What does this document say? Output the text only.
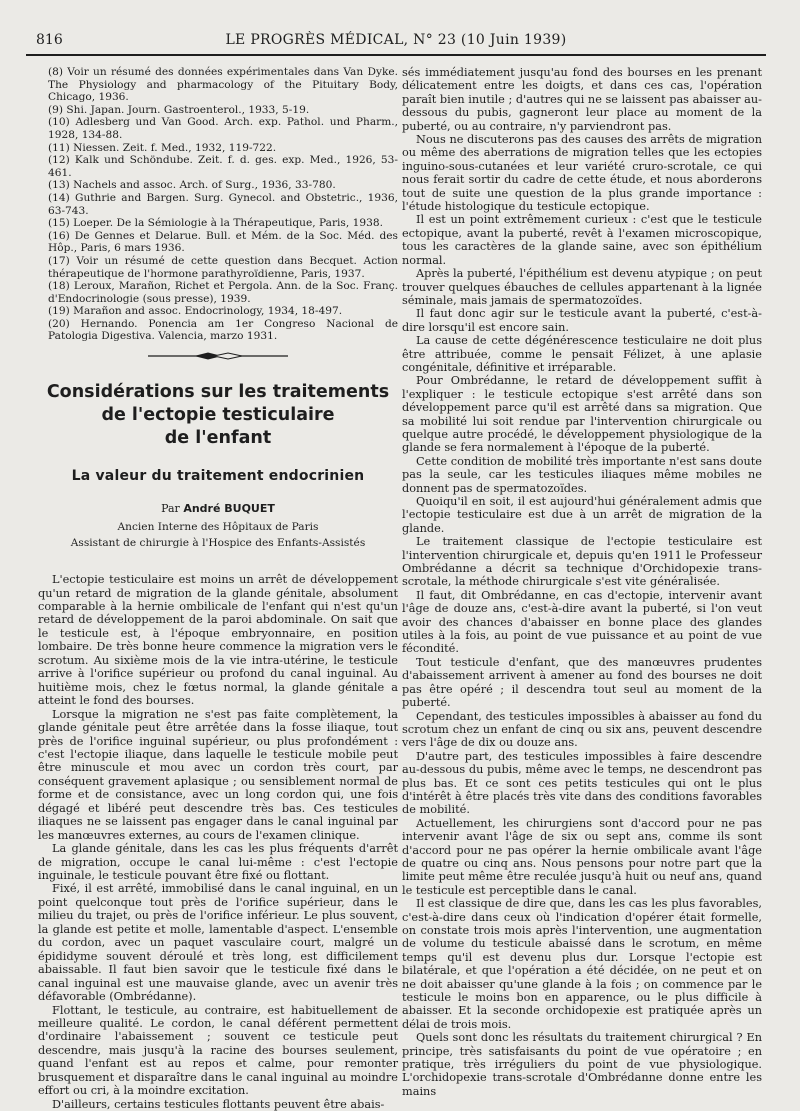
816	LE PROGRÈS MÉDICAL, N° 23 (10 Juin 1939)

(8) Voir un résumé des données expérimentales dans Van Dyke. The Physiology and pharmacology of the Pituitary Body, Chicago, 1936.

(9) Shi. Japan. Journ. Gastroenterol., 1933, 5-19.

(10) Adlesberg und Van Good. Arch. exp. Pathol. und Pharm., 1928, 134-88.

(11) Niessen. Zeit. f. Med., 1932, 119-722.

(12) Kalk und Schöndube. Zeit. f. d. ges. exp. Med., 1926, 53-461.

(13) Nachels and assoc. Arch. of Surg., 1936, 33-780.

(14) Guthrie and Bargen. Surg. Gynecol. and Obstetric., 1936, 63-743.

(15) Loeper. De la Sémiologie à la Thérapeutique, Paris, 1938.

(16) De Gennes et Delarue. Bull. et Mém. de la Soc. Méd. des Hôp., Paris, 6 mars 1936.

(17) Voir un résumé de cette question dans Becquet. Action thérapeutique de l'hormone parathyroïdienne, Paris, 1937.

(18) Leroux, Marañon, Richet et Pergola. Ann. de la Soc. Franç. d'Endocrinologie (sous presse), 1939.

(19) Marañon and assoc. Endocrinology, 1934, 18-497.

(20) Hernando. Ponencia am 1er Congreso Nacional de Patologia Digestiva. Valencia, marzo 1931.

Considérations sur les traitements
de l'ectopie testiculaire
de l'enfant
La valeur du traitement endocrinien
Par André BUQUET
Ancien Interne des Hôpitaux de Paris
Assistant de chirurgie à l'Hospice des Enfants-Assistés

L'ectopie testiculaire est moins un arrêt de développement qu'un retard de migration de la glande génitale, absolument comparable à la hernie ombilicale de l'enfant qui n'est qu'un retard de développement de la paroi abdominale. On sait que le testicule est, à l'époque embryonnaire, en position lombaire. De très bonne heure commence la migration vers le scrotum. Au sixième mois de la vie intra-utérine, le testicule arrive à l'orifice supérieur ou profond du canal inguinal. Au huitième mois, chez le fœtus normal, la glande génitale a atteint le fond des bourses.

Lorsque la migration ne s'est pas faite complètement, la glande génitale peut être arrêtée dans la fosse iliaque, tout près de l'orifice inguinal supérieur, ou plus profondément : c'est l'ectopie iliaque, dans laquelle le testicule mobile peut être minuscule et mou avec un cordon très court, par conséquent gravement aplasique ; ou sensiblement normal de forme et de consistance, avec un long cordon qui, une fois dégagé et libéré peut descendre très bas. Ces testicules iliaques ne se laissent pas engager dans le canal inguinal par les manœuvres externes, au cours de l'examen clinique.

La glande génitale, dans les cas les plus fréquents d'arrêt de migration, occupe le canal lui-même : c'est l'ectopie inguinale, le testicule pouvant être fixé ou flottant.

Fixé, il est arrêté, immobilisé dans le canal inguinal, en un point quelconque tout près de l'orifice supérieur, dans le milieu du trajet, ou près de l'orifice inférieur. Le plus souvent, la glande est petite et molle, lamentable d'aspect. L'ensemble du cordon, avec un paquet vasculaire court, malgré un épididyme souvent déroulé et très long, est difficilement abaissable. Il faut bien savoir que le testicule fixé dans le canal inguinal est une mauvaise glande, avec un avenir très défavorable (Ombrédanne).

Flottant, le testicule, au contraire, est habituellement de meilleure qualité. Le cordon, le canal déférent permettent d'ordinaire l'abaissement ; souvent ce testicule peut descendre, mais jusqu'à la racine des bourses seulement, quand l'enfant est au repos et calme, pour remonter brusquement et disparaître dans le canal inguinal au moindre effort ou cri, à la moindre excitation.

D'ailleurs, certains testicules flottants peuvent être abais-

sés immédiatement jusqu'au fond des bourses en les prenant délicatement entre les doigts, et dans ces cas, l'opération paraît bien inutile ; d'autres qui ne se laissent pas abaisser au-dessous du pubis, gagneront leur place au moment de la puberté, ou au contraire, n'y parviendront pas.

Nous ne discuterons pas des causes des arrêts de migration ou même des aberrations de migration telles que les ectopies inguino-sous-cutanées et leur variété cruro-scrotale, ce qui nous ferait sortir du cadre de cette étude, et nous aborderons tout de suite une question de la plus grande importance : l'étude histologique du testicule ectopique.

Il est un point extrêmement curieux : c'est que le testicule ectopique, avant la puberté, revêt à l'examen microscopique, tous les caractères de la glande saine, avec son épithélium normal.

Après la puberté, l'épithélium est devenu atypique ; on peut trouver quelques ébauches de cellules appartenant à la lignée séminale, mais jamais de spermatozoïdes.

Il faut donc agir sur le testicule avant la puberté, c'est-à-dire lorsqu'il est encore sain.

La cause de cette dégénérescence testiculaire ne doit plus être attribuée, comme le pensait Félizet, à une aplasie congénitale, définitive et irréparable.

Pour Ombrédanne, le retard de développement suffit à l'expliquer : le testicule ectopique s'est arrêté dans son développement parce qu'il est arrêté dans sa migration. Que sa mobilité lui soit rendue par l'intervention chirurgicale ou quelque autre procédé, le développement physiologique de la glande se fera normalement à l'époque de la puberté.

Cette condition de mobilité très importante n'est sans doute pas la seule, car les testicules iliaques même mobiles ne donnent pas de spermatozoïdes.

Quoiqu'il en soit, il est aujourd'hui généralement admis que l'ectopie testiculaire est due à un arrêt de migration de la glande.

Le traitement classique de l'ectopie testiculaire est l'intervention chirurgicale et, depuis qu'en 1911 le Professeur Ombrédanne a décrit sa technique d'Orchidopexie trans-scrotale, la méthode chirurgicale s'est vite généralisée.

Il faut, dit Ombrédanne, en cas d'ectopie, intervenir avant l'âge de douze ans, c'est-à-dire avant la puberté, si l'on veut avoir des chances d'abaisser en bonne place des glandes utiles à la fois, au point de vue puissance et au point de vue fécondité.

Tout testicule d'enfant, que des manœuvres prudentes d'abaissement arrivent à amener au fond des bourses ne doit pas être opéré ; il descendra tout seul au moment de la puberté.

Cependant, des testicules impossibles à abaisser au fond du scrotum chez un enfant de cinq ou six ans, peuvent descendre vers l'âge de dix ou douze ans.

D'autre part, des testicules impossibles à faire descendre au-dessous du pubis, même avec le temps, ne descendront pas plus bas. Et ce sont ces petits testicules qui ont le plus d'intérêt à être placés très vite dans des conditions favorables de mobilité.

Actuellement, les chirurgiens sont d'accord pour ne pas intervenir avant l'âge de six ou sept ans, comme ils sont d'accord pour ne pas opérer la hernie ombilicale avant l'âge de quatre ou cinq ans. Nous pensons pour notre part que la limite peut même être reculée jusqu'à huit ou neuf ans, quand le testicule est perceptible dans le canal.

Il est classique de dire que, dans les cas les plus favorables, c'est-à-dire dans ceux où l'indication d'opérer était formelle, on constate trois mois après l'intervention, une augmentation de volume du testicule abaissé dans le scrotum, en même temps qu'il est devenu plus dur. Lorsque l'ectopie est bilatérale, et que l'opération a été décidée, on ne peut et on ne doit abaisser qu'une glande à la fois ; on commence par le testicule le moins bon en apparence, ou le plus difficile à abaisser. Et la seconde orchidopexie est pratiquée après un délai de trois mois.

Quels sont donc les résultats du traitement chirurgical ? En principe, très satisfaisants du point de vue opératoire ; en pratique, très irréguliers du point de vue physiologique. L'orchidopexie trans-scrotale d'Ombrédanne donne entre les mains
